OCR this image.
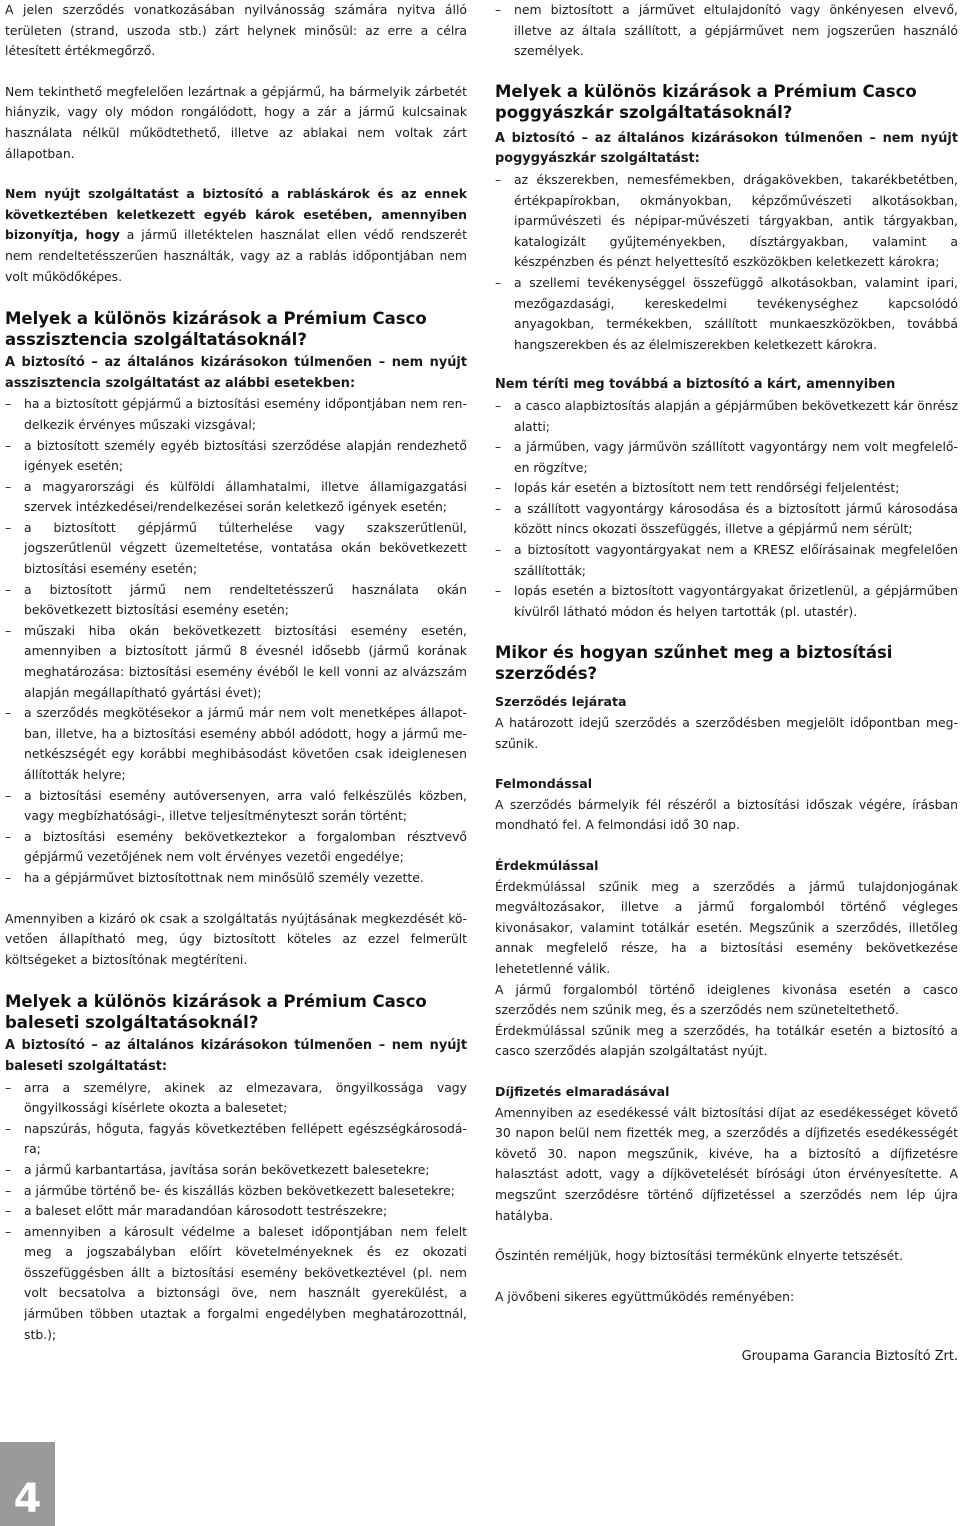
A jelen szerződés vonatkozásában nyilvánosság számára nyitva álló területen (strand, uszoda stb.) zárt helynek minősül: az erre a célra létesített értékmegőrző.

Nem tekinthető megfelelően lezártnak a gépjármű, ha bármelyik zárbetét hiányzik, vagy oly módon rongálódott, hogy a zár a jármű kulcsainak használata nélkül működtethető, illetve az ablakai nem voltak zárt állapotban.

Nem nyújt szolgáltatást a biztosító a rabláskárok és az ennek következtében keletkezett egyéb károk esetében, amennyiben bizonyítja, hogy a jármű illetéktelen használat ellen védő rendszerét nem rendeltetésszerűen használták, vagy az a rablás időpontjában nem volt működőképes.

Melyek a különös kizárások a Prémium Casco asszisztencia szolgáltatásoknál?

A biztosító – az általános kizárásokon túlmenően – nem nyújt asszisztencia szolgáltatást az alábbi esetekben:

– ha a biztosított gépjármű a biztosítási esemény időpontjában nem rendelkezik érvényes műszaki vizsgával;
– a biztosított személy egyéb biztosítási szerződése alapján rendezhető igények esetén;
– a magyarországi és külföldi államhatalmi, illetve államigazgatási szervek intézkedései/rendelkezései során keletkező igények esetén;
– a biztosított gépjármű túlterhelése vagy szakszerűtlenül, jogszerűtlenül végzett üzemeltetése, vontatása okán bekövetkezett biztosítási esemény esetén;
– a biztosított jármű nem rendeltetésszerű használata okán bekövetkezett biztosítási esemény esetén;
– műszaki hiba okán bekövetkezett biztosítási esemény esetén, amennyiben a biztosított jármű 8 évesnél idősebb (jármű korának meghatározása: biztosítási esemény évéből le kell vonni az alvázszám alapján megállapítható gyártási évet);
– a szerződés megkötésekor a jármű már nem volt menetképes állapotban, illetve, ha a biztosítási esemény abból adódott, hogy a jármű menetkészségét egy korábbi meghibásodást követően csak ideiglenesen állították helyre;
– a biztosítási esemény autóversenyen, arra való felkészülés közben, vagy megbízhatósági-, illetve teljesítményteszt során történt;
– a biztosítási esemény bekövetkeztekor a forgalomban résztvevő gépjármű vezetőjének nem volt érvényes vezetői engedélye;
– ha a gépjárművet biztosítottnak nem minősülő személy vezette.

Amennyiben a kizáró ok csak a szolgáltatás nyújtásának megkezdését követően állapítható meg, úgy biztosított köteles az ezzel felmerült költségeket a biztosítónak megtéríteni.

Melyek a különös kizárások a Prémium Casco baleseti szolgáltatásoknál?

A biztosító – az általános kizárásokon túlmenően – nem nyújt baleseti szolgáltatást:

– arra a személyre, akinek az elmezavara, öngyilkossága vagy öngyilkossági kísérlete okozta a balesetet;
– napszúrás, hőguta, fagyás következtében fellépett egészségkárosodára;
– a jármű karbantartása, javítása során bekövetkezett balesetekre;
– a járműbe történő be- és kiszállás közben bekövetkezett balesetekre;
– a baleset előtt már maradandóan károsodott testrészekre;
– amennyiben a károsult védelme a baleset időpontjában nem felelt meg a jogszabályban előírt követelményeknek és ez okozati összefüggésben állt a biztosítási esemény bekövetkeztével (pl. nem volt becsatolva a biztonsági öve, nem használt gyerekülést, a járműben többen utaztak a forgalmi engedélyben meghatározottnál, stb.);
– nem biztosított a járművet eltulajdonító vagy önkényesen elvevő, illetve az általa szállított, a gépjárművet nem jogszerűen használó személyek.
Melyek a különös kizárások a Prémium Casco poggyászkár szolgáltatásoknál?

A biztosító – az általános kizárásokon túlmenően – nem nyújt pogygyászkár szolgáltatást:

– az ékszerekben, nemesfémekben, drágakövekben, takarékbetétben, értékpapírokban, okmányokban, képzőművészeti alkotásokban, iparművészeti és népipar-művészeti tárgyakban, antik tárgyakban, katalogizált gyűjteményekben, dísztárgyakban, valamint a készpénzben és pénzt helyettesítő eszközökben keletkezett károkra;
– a szellemi tevékenységgel összefüggő alkotásokban, valamint ipari, mezőgazdasági, kereskedelmi tevékenységhez kapcsolódó anyagokban, termékekben, szállított munkaeszközökben, továbbá hangszerekben és az élelmiszerekben keletkezett károkra.

Nem téríti meg továbbá a biztosító a kárt, amennyiben

– a casco alapbiztosítás alapján a gépjárműben bekövetkezett kár önrész alatti;
– a járműben, vagy járművön szállított vagyontárgy nem volt megfelelően rögzítve;
– lopás kár esetén a biztosított nem tett rendőrségi feljelentést;
– a szállított vagyontárgy károsodása és a biztosított jármű károsodása között nincs okozati összefüggés, illetve a gépjármű nem sérült;
– a biztosított vagyontárgyakat nem a KRESZ előírásainak megfelelően szállították;
– lopás esetén a biztosított vagyontárgyakat őrizetlenül, a gépjárműben kívülről látható módon és helyen tartották (pl. utastér).
Mikor és hogyan szűnhet meg a biztosítási szerződés?
Szerződés lejárata

A határozott idejű szerződés a szerződésben megjelölt időpontban megszűnik.

Felmondással

A szerződés bármelyik fél részéről a biztosítási időszak végére, írásban mondható fel. A felmondási idő 30 nap.

Érdekmúlással

Érdekmúlással szűnik meg a szerződés a jármű tulajdonjogának megváltozásakor, illetve a jármű forgalomból történő végleges kivonásakor, valamint totálkár esetén. Megszűnik a szerződés, illetőleg annak megfelelő része, ha a biztosítási esemény bekövetkezése lehetetlenné válik.

A jármű forgalomból történő ideiglenes kivonása esetén a casco szerződés nem szűnik meg, és a szerződés nem szüneteltethető.

Érdekmúlással szűnik meg a szerződés, ha totálkár esetén a biztosító a casco szerződés alapján szolgáltatást nyújt.

Díjfizetés elmaradásával

Amennyiben az esedékessé vált biztosítási díjat az esedékességet követő 30 napon belül nem fizették meg, a szerződés a díjfizetés esedékességét követő 30. napon megszűnik, kivéve, ha a biztosító a díjfizetésre halasztást adott, vagy a díjkövetelését bírósági úton érvényesítette. A megszűnt szerződésre történő díjfizetéssel a szerződés nem lép újra hatályba.

Őszintén reméljük, hogy biztosítási termékünk elnyerte tetszését.

A jövőbeni sikeres együttműködés reményében:

Groupama Garancia Biztosító Zrt.

4
